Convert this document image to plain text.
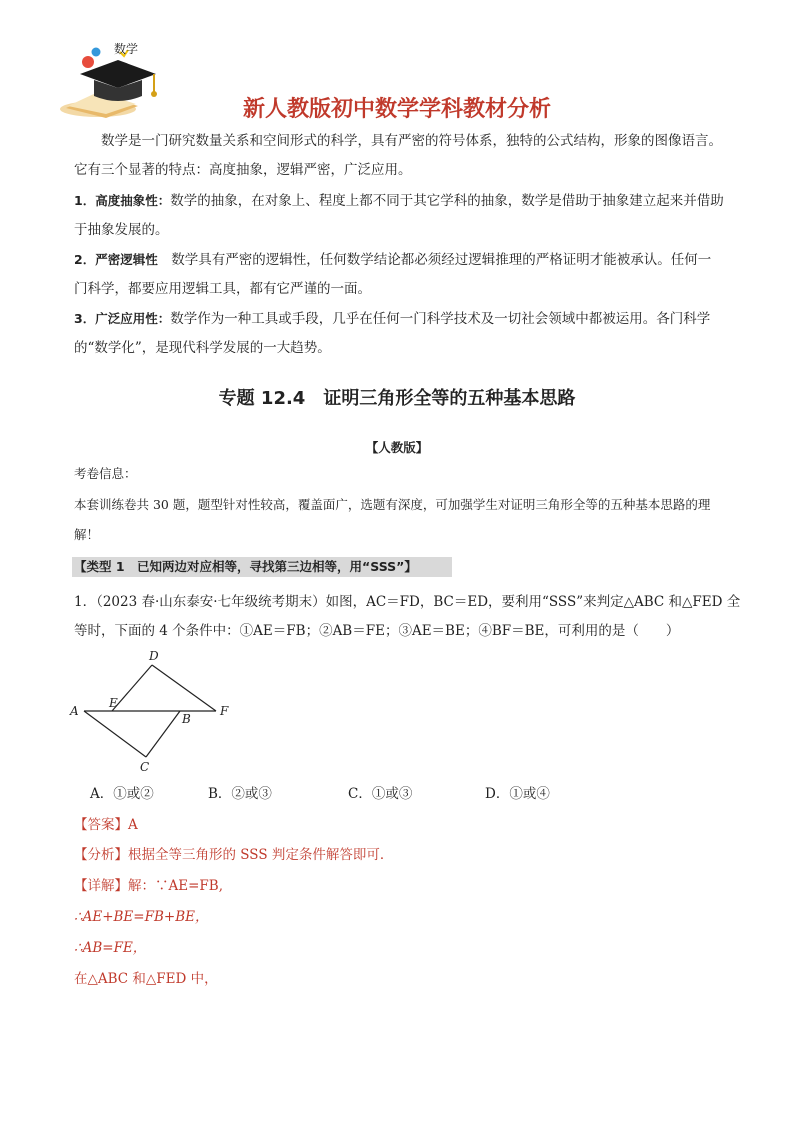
数学
新人教版初中数学学科教材分析

数学是一门研究数量关系和空间形式的科学，具有严密的符号体系，独特的公式结构，形象的图像语言。它有三个显著的特点：高度抽象，逻辑严密，广泛应用。

1．高度抽象性：数学的抽象，在对象上、程度上都不同于其它学科的抽象，数学是借助于抽象建立起来并借助于抽象发展的。

2．严密逻辑性　数学具有严密的逻辑性，任何数学结论都必须经过逻辑推理的严格证明才能被承认。任何一门科学，都要应用逻辑工具，都有它严谨的一面。

3．广泛应用性：数学作为一种工具或手段，几乎在任何一门科学技术及一切社会领域中都被运用。各门科学的“数学化”，是现代科学发展的一大趋势。

专题 12.4　证明三角形全等的五种基本思路
【人教版】

考卷信息：

本套训练卷共 30 题，题型针对性较高，覆盖面广，选题有深度，可加强学生对证明三角形全等的五种基本思路的理解！

【类型 1　已知两边对应相等，寻找第三边相等，用“SSS”】

1．（2023 春·山东泰安·七年级统考期末）如图，AC＝FD，BC＝ED，要利用“SSS”来判定△ABC 和△FED 全

等时，下面的 4 个条件中：①AE＝FB；②AB＝FE；③AE＝BE；④BF＝BE，可利用的是（　　）

A
B
C
D
E
F
A．①或②	B．②或③	C．①或③	D．①或④

【答案】A

【分析】根据全等三角形的 SSS 判定条件解答即可．

【详解】解：∵AE=FB,

∴AE+BE=FB+BE，

∴AB=FE，

在△ABC 和△FED 中，
